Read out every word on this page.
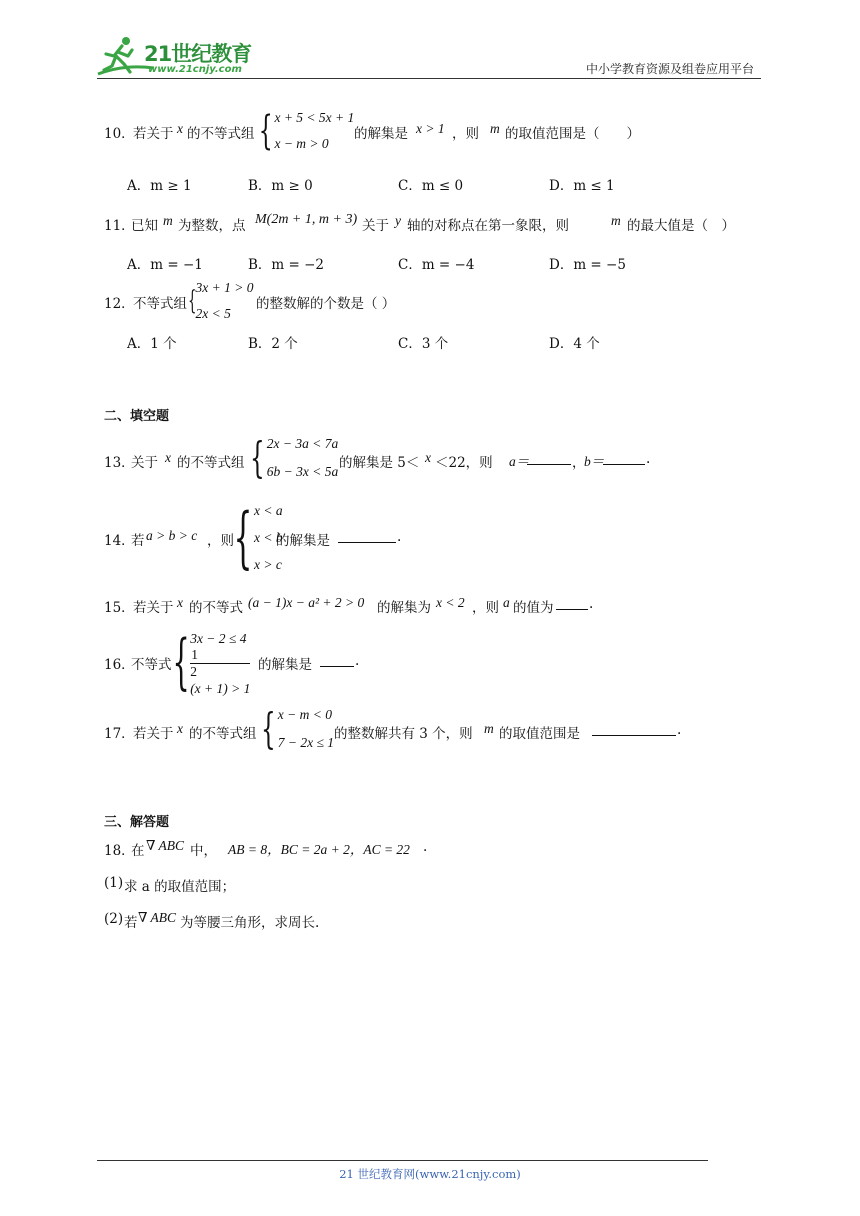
21世纪教育
www.21cnjy.com	中小学教育资源及组卷应用平台
10．
若关于 x 的不等式组 { x + 5 < 5x + 1
x − m > 0
的解集是 x > 1 ，则 m 的取值范围是（　　）
A．m ≥ 1	B．m ≥ 0	C．m ≤ 0	D．m ≤ 1
11．
已知 m 为整数，点 M(2m + 1, m + 3) 关于 y 轴的对称点在第一象限，则	m 的最大值是（　）
A．m = −1	B．m = −2	C．m = −4	D．m = −5
12．
不等式组 { 3x + 1 > 0
2x < 5
的整数解的个数是（ ）
A．1 个	B．2 个	C．3 个	D．4 个
二、填空题
13．
关于 x 的不等式组 { 2x − 3a < 7a
6b − 3x < 5a
的解集是 5＜ x ＜22，则 a＝	，
b＝	.
14．
若 a > b > c ，则 { x < a
x < b
x > c
的解集是	.
15．
若关于 x 的不等式 (a − 1)x − a² + 2 > 0 的解集为 x < 2 ，则 a 的值为	.
16．
不等式 { 3x − 2 ≤ 4
1
2
(x + 1) > 1
的解集是	.
17．
若关于 x 的不等式组 { x − m < 0
7 − 2x ≤ 1
的整数解共有 3 个，则 m 的取值范围是	.
三、解答题
18．
在 ∇ ABC 中， AB = 8，BC = 2a + 2，AC = 22 .
(1) 求 a 的取值范围；
(2) 若 ∇ ABC 为等腰三角形，求周长.
21 世纪教育网(www.21cnjy.com)
